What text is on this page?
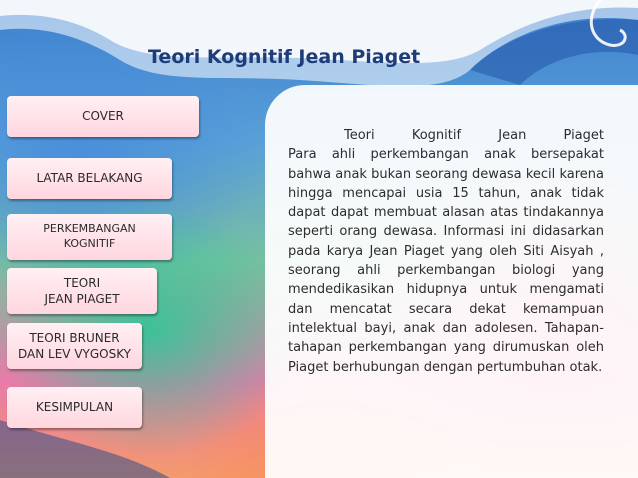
Teori Kognitif Jean Piaget
COVER
LATAR BELAKANG
PERKEMBANGAN
KOGNITIF
TEORI
JEAN PIAGET
TEORI BRUNER
DAN LEV VYGOSKY
KESIMPULAN
Teori Kognitif Jean Piaget
Para ahli perkembangan anak bersepakat bahwa anak bukan seorang dewasa kecil karena hingga mencapai usia 15 tahun, anak tidak dapat dapat membuat alasan atas tindakannya seperti orang dewasa. Informasi ini didasarkan pada karya Jean Piaget yang oleh Siti Aisyah , seorang ahli perkembangan biologi yang mendedikasikan hidupnya untuk mengamati dan mencatat secara dekat kemampuan intelektual bayi, anak dan adolesen. Tahapan-tahapan perkembangan yang dirumuskan oleh Piaget berhubungan dengan pertumbuhan otak.
